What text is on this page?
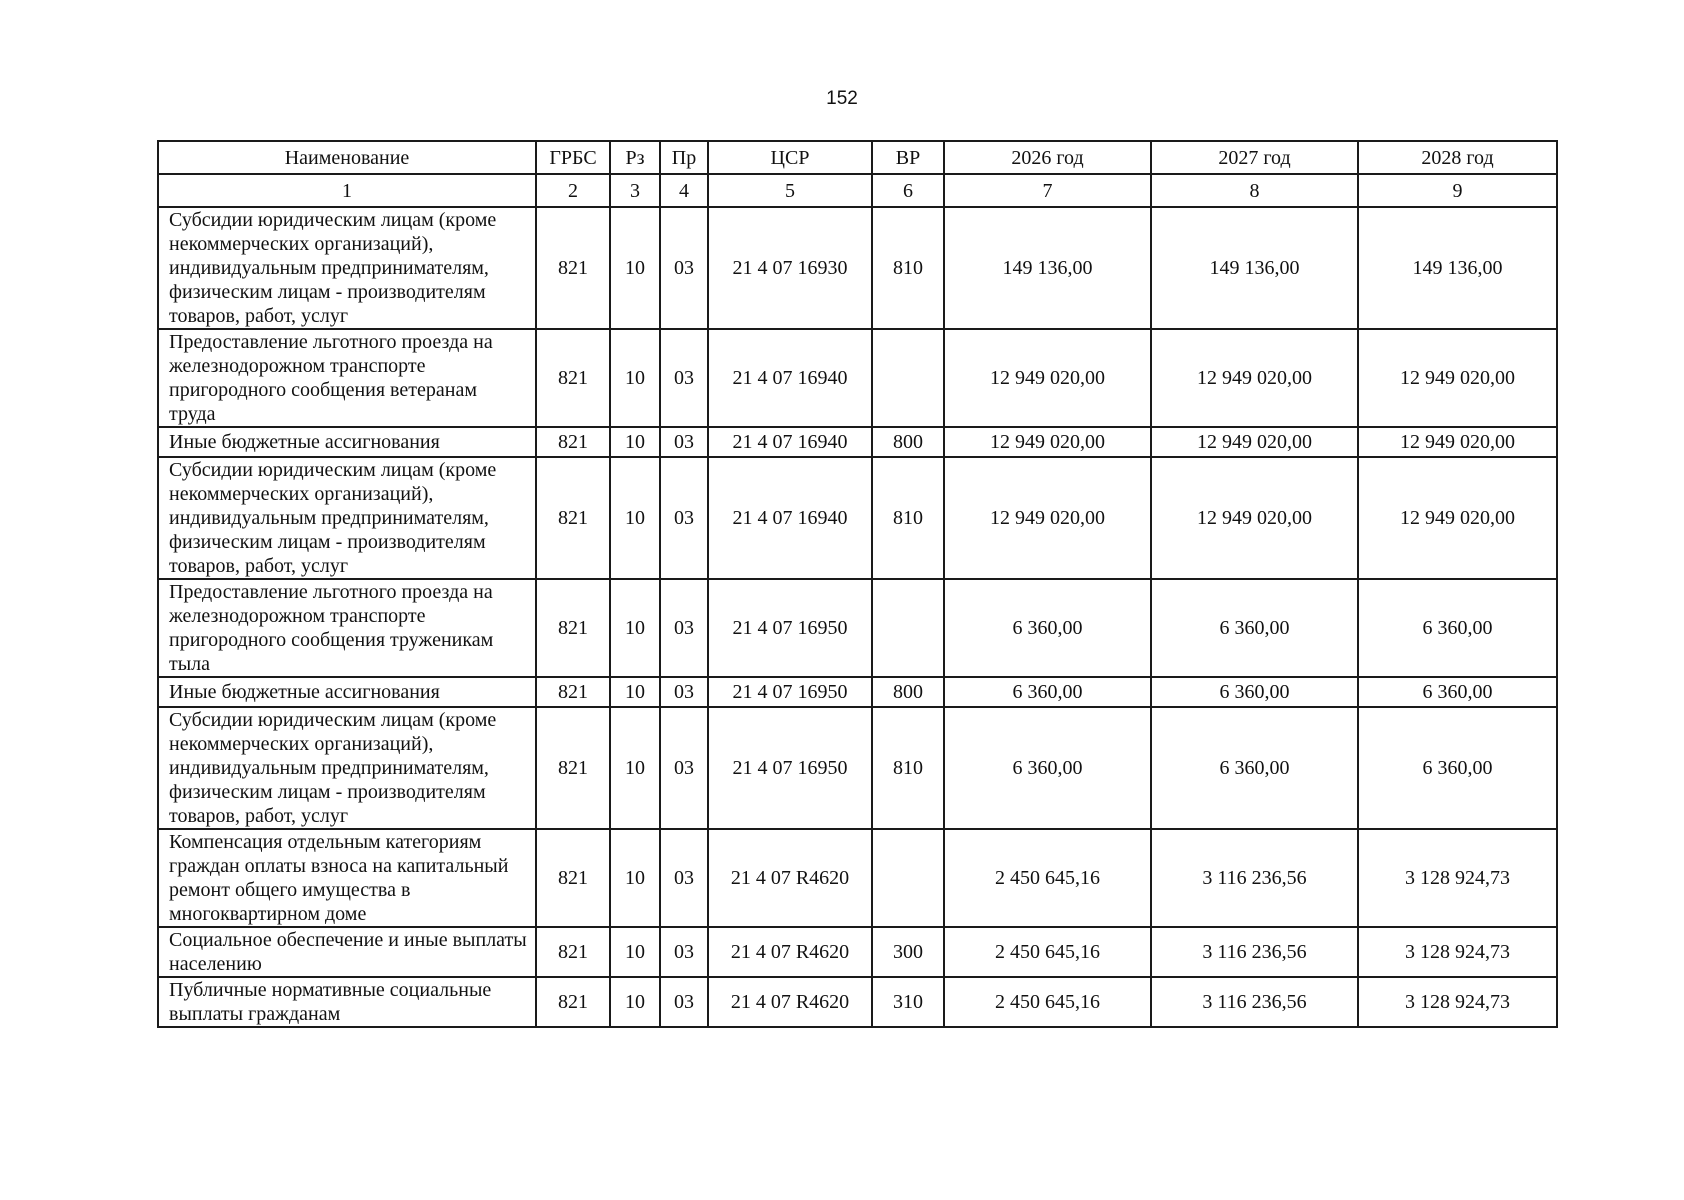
152
Наименование	ГРБС	Рз	Пр	ЦСР	ВР	2026 год	2027 год	2028 год
1	2	3	4	5	6	7	8	9
Субсидии юридическим лицам (кроме некоммерческих организаций), индивидуальным предпринимателям, физическим лицам - производителям товаров, работ, услуг	821	10	03	21 4 07 16930	810	149 136,00	149 136,00	149 136,00
Предоставление льготного проезда на железнодорожном транспорте пригородного сообщения ветеранам труда	821	10	03	21 4 07 16940		12 949 020,00	12 949 020,00	12 949 020,00
Иные бюджетные ассигнования	821	10	03	21 4 07 16940	800	12 949 020,00	12 949 020,00	12 949 020,00
Субсидии юридическим лицам (кроме некоммерческих организаций), индивидуальным предпринимателям, физическим лицам - производителям товаров, работ, услуг	821	10	03	21 4 07 16940	810	12 949 020,00	12 949 020,00	12 949 020,00
Предоставление льготного проезда на железнодорожном транспорте пригородного сообщения труженикам тыла	821	10	03	21 4 07 16950		6 360,00	6 360,00	6 360,00
Иные бюджетные ассигнования	821	10	03	21 4 07 16950	800	6 360,00	6 360,00	6 360,00
Субсидии юридическим лицам (кроме некоммерческих организаций), индивидуальным предпринимателям, физическим лицам - производителям товаров, работ, услуг	821	10	03	21 4 07 16950	810	6 360,00	6 360,00	6 360,00
Компенсация отдельным категориям граждан оплаты взноса на капитальный ремонт общего имущества в многоквартирном доме	821	10	03	21 4 07 R4620		2 450 645,16	3 116 236,56	3 128 924,73
Социальное обеспечение и иные выплаты населению	821	10	03	21 4 07 R4620	300	2 450 645,16	3 116 236,56	3 128 924,73
Публичные нормативные социальные выплаты гражданам	821	10	03	21 4 07 R4620	310	2 450 645,16	3 116 236,56	3 128 924,73
